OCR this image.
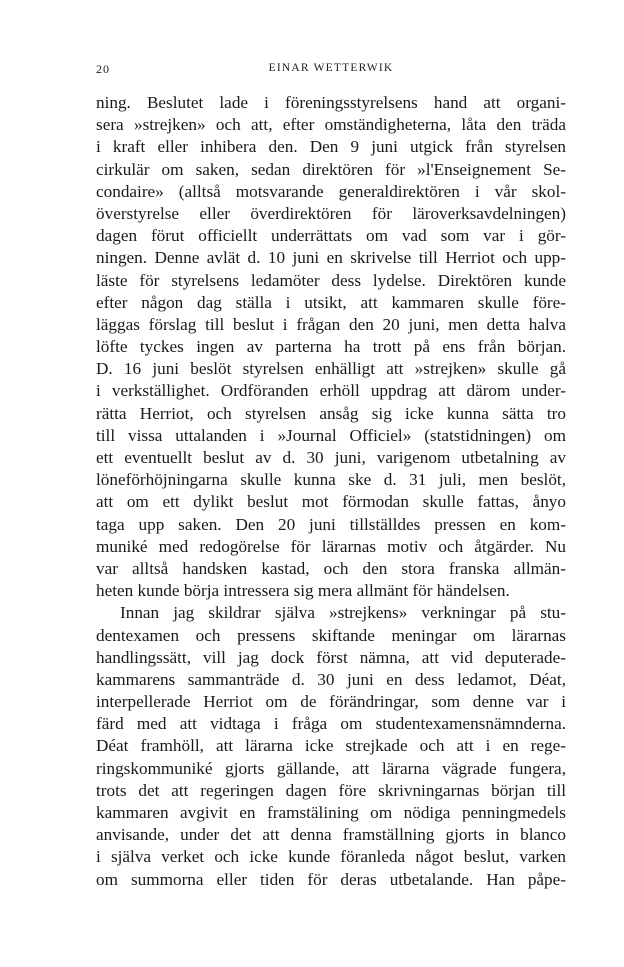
20	EINAR WETTERWIK
ning. Beslutet lade i föreningsstyrelsens hand att organi-
sera »strejken» och att, efter omständigheterna, låta den träda
i kraft eller inhibera den. Den 9 juni utgick från styrelsen
cirkulär om saken, sedan direktören för »l'Enseignement Se-
condaire» (alltså motsvarande generaldirektören i vår skol-
överstyrelse eller överdirektören för läroverksavdelningen)
dagen förut officiellt underrättats om vad som var i gör-
ningen. Denne avlät d. 10 juni en skrivelse till Herriot och upp-
läste för styrelsens ledamöter dess lydelse. Direktören kunde
efter någon dag ställa i utsikt, att kammaren skulle före-
läggas förslag till beslut i frågan den 20 juni, men detta halva
löfte tyckes ingen av parterna ha trott på ens från början.
D. 16 juni beslöt styrelsen enhälligt att »strejken» skulle gå
i verkställighet. Ordföranden erhöll uppdrag att därom under-
rätta Herriot, och styrelsen ansåg sig icke kunna sätta tro
till vissa uttalanden i »Journal Officiel» (statstidningen) om
ett eventuellt beslut av d. 30 juni, varigenom utbetalning av
löneförhöjningarna skulle kunna ske d. 31 juli, men beslöt,
att om ett dylikt beslut mot förmodan skulle fattas, ånyo
taga upp saken. Den 20 juni tillställdes pressen en kom-
muniké med redogörelse för lärarnas motiv och åtgärder. Nu
var alltså handsken kastad, och den stora franska allmän-
heten kunde börja intressera sig mera allmänt för händelsen.
Innan jag skildrar själva »strejkens» verkningar på stu-
dentexamen och pressens skiftande meningar om lärarnas
handlingssätt, vill jag dock först nämna, att vid deputerade-
kammarens sammanträde d. 30 juni en dess ledamot, Déat,
interpellerade Herriot om de förändringar, som denne var i
färd med att vidtaga i fråga om studentexamensnämnderna.
Déat framhöll, att lärarna icke strejkade och att i en rege-
ringskommuniké gjorts gällande, att lärarna vägrade fungera,
trots det att regeringen dagen före skrivningarnas början till
kammaren avgivit en framstälining om nödiga penningmedels
anvisande, under det att denna framställning gjorts in blanco
i själva verket och icke kunde föranleda något beslut, varken
om summorna eller tiden för deras utbetalande. Han påpe-
